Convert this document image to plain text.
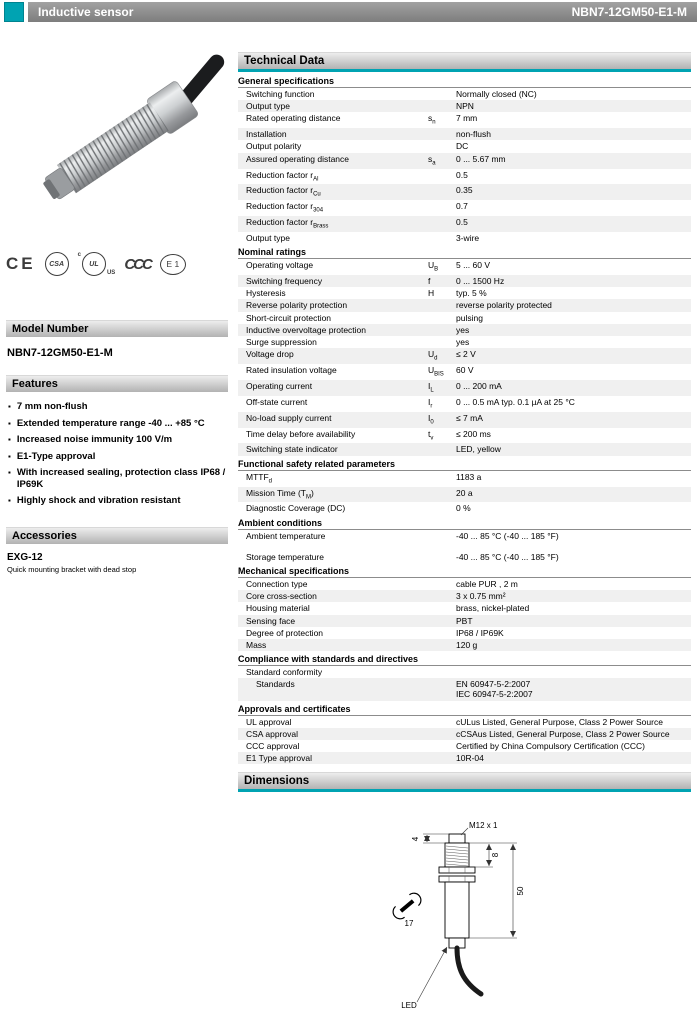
Inductive sensor	NBN7-12GM50-E1-M
CE	CSA
c
UL
US
CCC	E 1
Model Number
NBN7-12GM50-E1-M
Features
▪ 7 mm non-flush
▪ Extended temperature range -40 ... +85 °C
▪ Increased noise immunity 100 V/m
▪ E1-Type approval
▪ With increased sealing, protection class IP68 / IP69K
▪ Highly shock and vibration resistant
Accessories
EXG-12
Quick mounting bracket with dead stop
Technical Data
General specifications
Switching function	Normally closed (NC)
Output type	NPN
Rated operating distance	$s_n$	7 mm
Installation	non-flush
Output polarity	DC
Assured operating distance	$s_a$	0 ... 5.67 mm
Reduction factor $r_{Al}$	0.5
Reduction factor $r_{Cu}$	0.35
Reduction factor $r_{304}$	0.7
Reduction factor $r_{Brass}$	0.5
Output type	3-wire
Nominal ratings
Operating voltage	$U_B$	5 ... 60 V
Switching frequency	f	0 ... 1500 Hz
Hysteresis	H	typ. 5 %
Reverse polarity protection	reverse polarity protected
Short-circuit protection	pulsing
Inductive overvoltage protection	yes
Surge suppression	yes
Voltage drop	$U_d$	≤ 2 V
Rated insulation voltage	$U_{BIS}$	60 V
Operating current	$I_L$	0 ... 200 mA
Off-state current	$I_r$	0 ... 0.5 mA typ. 0.1 µA at 25 °C
No-load supply current	$I_0$	≤ 7 mA
Time delay before availability	$t_v$	≤ 200 ms
Switching state indicator	LED, yellow
Functional safety related parameters
$MTTF_d$	1183 a
Mission Time $(T_M)$	20 a
Diagnostic Coverage (DC)	0 %
Ambient conditions
Ambient temperature	-40 ... 85 °C (-40 ... 185 °F)
Storage temperature	-40 ... 85 °C (-40 ... 185 °F)
Mechanical specifications
Connection type	cable PUR , 2 m
Core cross-section	3 x 0.75 mm²
Housing material	brass, nickel-plated
Sensing face	PBT
Degree of protection	IP68 / IP69K
Mass	120 g
Compliance with standards and directives
Standard conformity
Standards	EN 60947-5-2:2007
IEC 60947-5-2:2007
Approvals and certificates
UL approval	cULus Listed, General Purpose, Class 2 Power Source
CSA approval	cCSAus Listed, General Purpose, Class 2 Power Source
CCC approval	Certified by China Compulsory Certification (CCC)
E1 Type approval	10R-04
Dimensions
M12 x 1
4
8
50
17
LED
